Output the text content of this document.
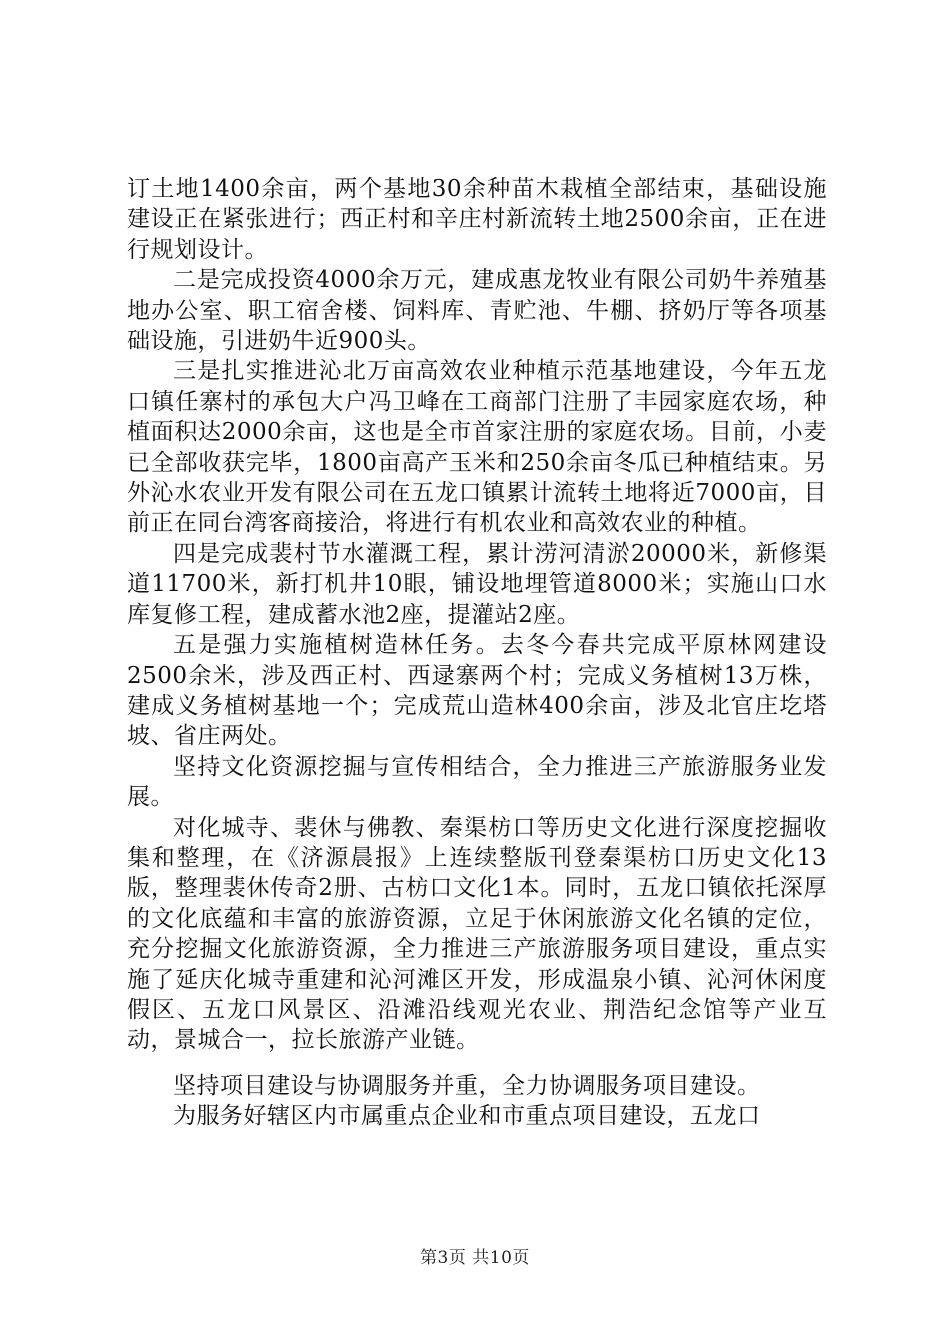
订土地1400余亩，两个基地30余种苗木栽植全部结束，基础设施建设正在紧张进行；西正村和辛庄村新流转土地2500余亩，正在进行规划设计。

二是完成投资4000余万元，建成惠龙牧业有限公司奶牛养殖基地办公室、职工宿舍楼、饲料库、青贮池、牛棚、挤奶厅等各项基础设施，引进奶牛近900头。

三是扎实推进沁北万亩高效农业种植示范基地建设，今年五龙口镇任寨村的承包大户冯卫峰在工商部门注册了丰园家庭农场，种植面积达2000余亩，这也是全市首家注册的家庭农场。目前，小麦已全部收获完毕，1800亩高产玉米和250余亩冬瓜已种植结束。另外沁水农业开发有限公司在五龙口镇累计流转土地将近7000亩，目前正在同台湾客商接洽，将进行有机农业和高效农业的种植。

四是完成裴村节水灌溉工程，累计涝河清淤20000米，新修渠道11700米，新打机井10眼，铺设地埋管道8000米；实施山口水库复修工程，建成蓄水池2座，提灌站2座。

五是强力实施植树造林任务。去冬今春共完成平原林网建设2500余米，涉及西正村、西逯寨两个村；完成义务植树13万株，建成义务植树基地一个；完成荒山造林400余亩，涉及北官庄圪塔坡、省庄两处。

坚持文化资源挖掘与宣传相结合，全力推进三产旅游服务业发展。

对化城寺、裴休与佛教、秦渠枋口等历史文化进行深度挖掘收集和整理，在《济源晨报》上连续整版刊登秦渠枋口历史文化13版，整理裴休传奇2册、古枋口文化1本。同时，五龙口镇依托深厚的文化底蕴和丰富的旅游资源，立足于休闲旅游文化名镇的定位，充分挖掘文化旅游资源，全力推进三产旅游服务项目建设，重点实施了延庆化城寺重建和沁河滩区开发，形成温泉小镇、沁河休闲度假区、五龙口风景区、沿滩沿线观光农业、荆浩纪念馆等产业互动，景城合一，拉长旅游产业链。

坚持项目建设与协调服务并重，全力协调服务项目建设。

为服务好辖区内市属重点企业和市重点项目建设，五龙口

第3页 共10页
